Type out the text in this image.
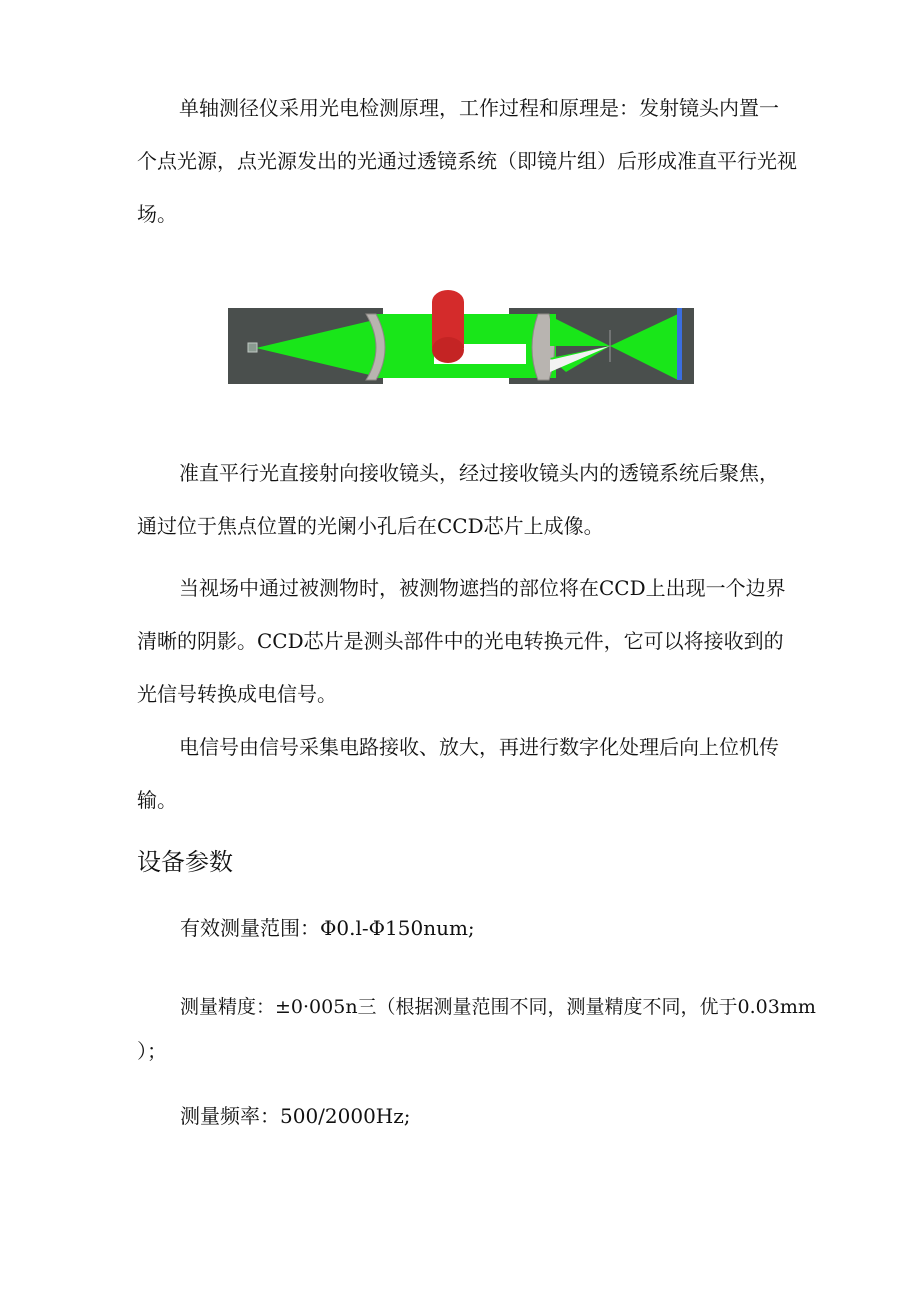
单轴测径仪采用光电检测原理，工作过程和原理是：发射镜头内置一个点光源，点光源发出的光通过透镜系统（即镜片组）后形成准直平行光视场。

准直平行光直接射向接收镜头，经过接收镜头内的透镜系统后聚焦，通过位于焦点位置的光阑小孔后在CCD芯片上成像。

当视场中通过被测物时，被测物遮挡的部位将在CCD上出现一个边界清晰的阴影。CCD芯片是测头部件中的光电转换元件，它可以将接收到的光信号转换成电信号。

电信号由信号采集电路接收、放大，再进行数字化处理后向上位机传输。

设备参数
有效测量范围：Φ0.l-Φ150num;
测量精度：±0·005n三（根据测量范围不同，测量精度不同，优于0.03mm
）；
测量频率：500/2000Hz;
